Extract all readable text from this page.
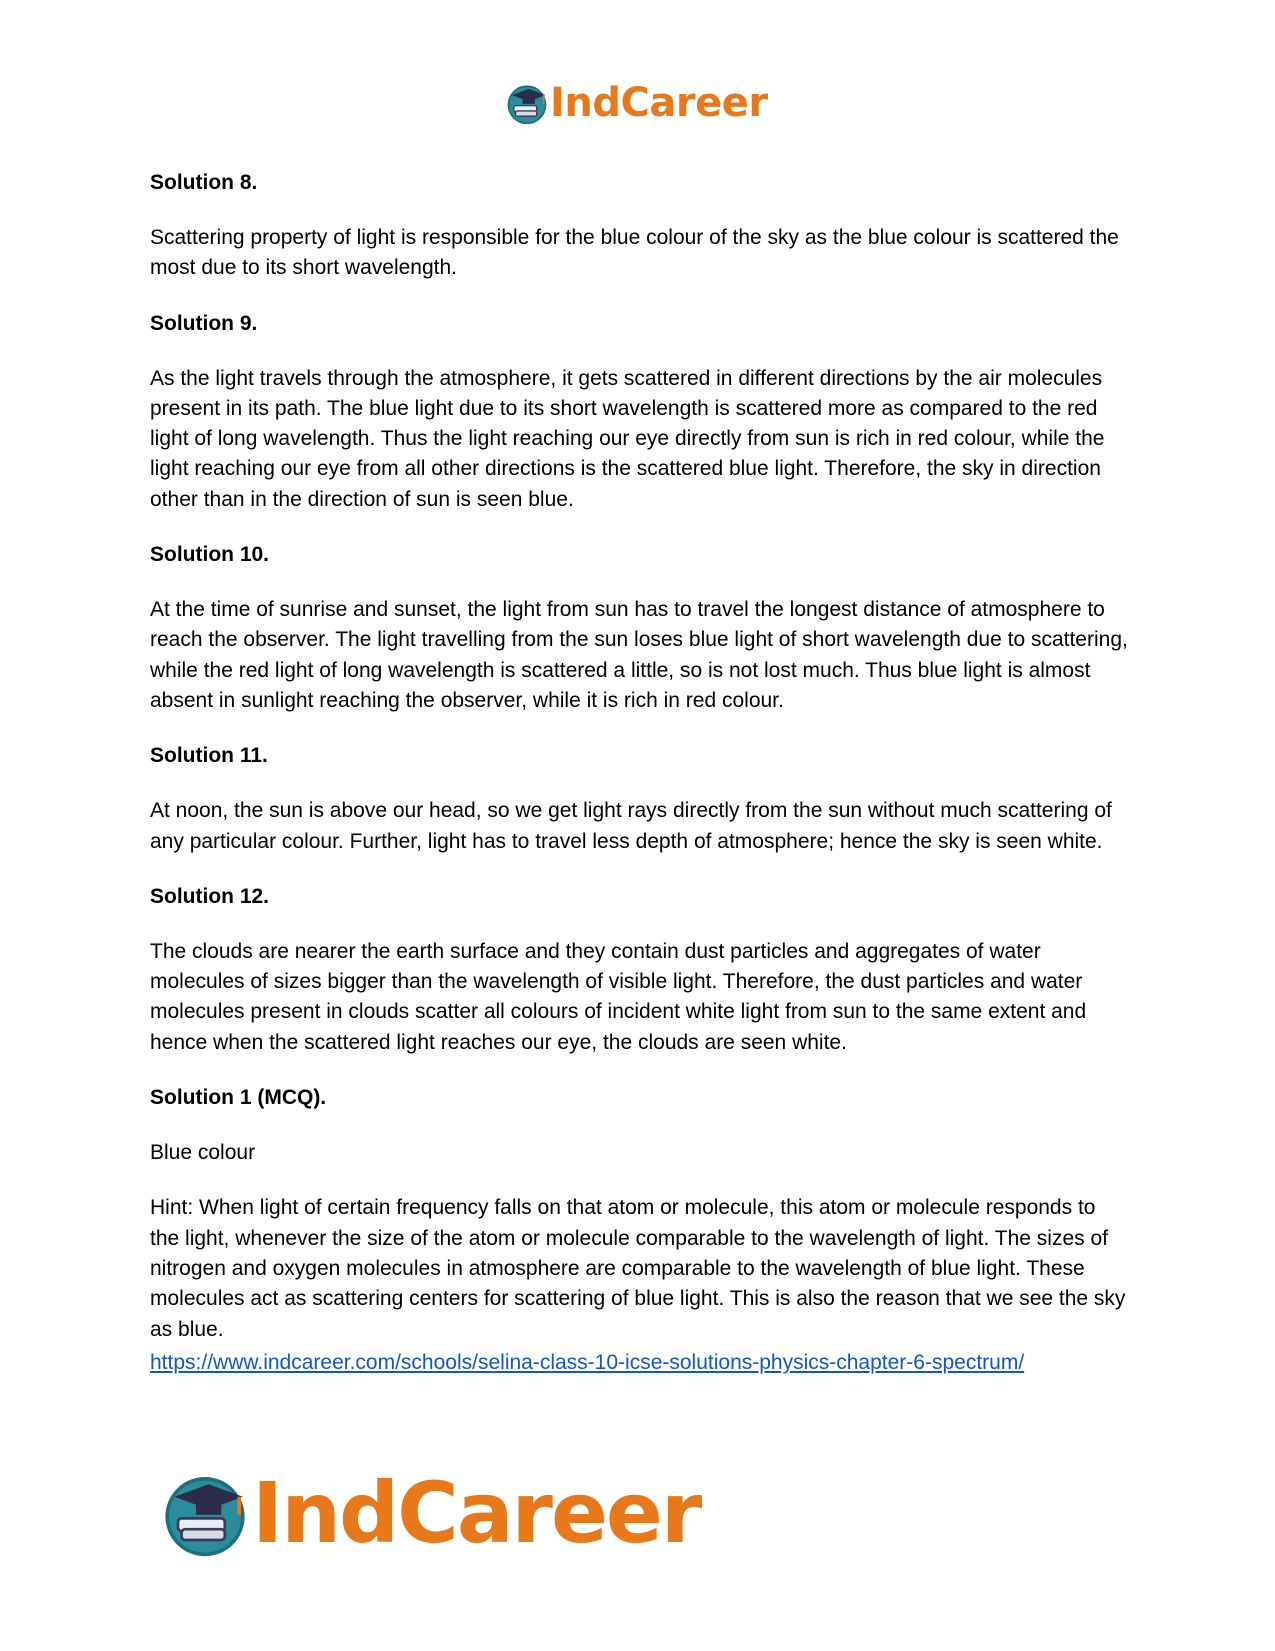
IndCareer
Solution 8.
Scattering property of light is responsible for the blue colour of the sky as the blue colour is scattered the most due to its short wavelength.
Solution 9.
As the light travels through the atmosphere, it gets scattered in different directions by the air molecules present in its path. The blue light due to its short wavelength is scattered more as compared to the red light of long wavelength. Thus the light reaching our eye directly from sun is rich in red colour, while the light reaching our eye from all other directions is the scattered blue light. Therefore, the sky in direction other than in the direction of sun is seen blue.
Solution 10.
At the time of sunrise and sunset, the light from sun has to travel the longest distance of atmosphere to reach the observer. The light travelling from the sun loses blue light of short wavelength due to scattering, while the red light of long wavelength is scattered a little, so is not lost much. Thus blue light is almost absent in sunlight reaching the observer, while it is rich in red colour.
Solution 11.
At noon, the sun is above our head, so we get light rays directly from the sun without much scattering of any particular colour. Further, light has to travel less depth of atmosphere; hence the sky is seen white.
Solution 12.
The clouds are nearer the earth surface and they contain dust particles and aggregates of water molecules of sizes bigger than the wavelength of visible light. Therefore, the dust particles and water molecules present in clouds scatter all colours of incident white light from sun to the same extent and hence when the scattered light reaches our eye, the clouds are seen white.
Solution 1 (MCQ).
Blue colour
Hint: When light of certain frequency falls on that atom or molecule, this atom or molecule responds to the light, whenever the size of the atom or molecule comparable to the wavelength of light. The sizes of nitrogen and oxygen molecules in atmosphere are comparable to the wavelength of blue light. These molecules act as scattering centers for scattering of blue light. This is also the reason that we see the sky as blue.
https://www.indcareer.com/schools/selina-class-10-icse-solutions-physics-chapter-6-spectrum/
IndCareer
